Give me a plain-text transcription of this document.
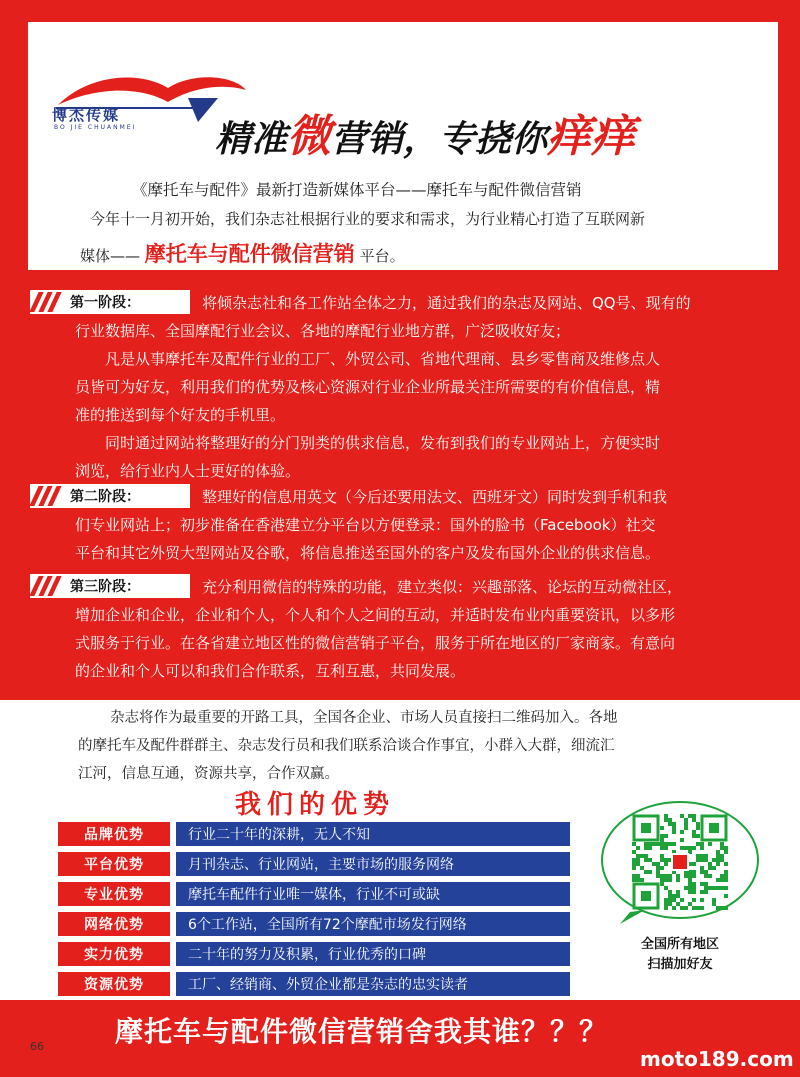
博杰传媒
BO JIE CHUANMEI 精准微营销，专挠你痒痒
《摩托车与配件》最新打造新媒体平台——摩托车与配件微信营销
今年十一月初开始，我们杂志社根据行业的要求和需求，为行业精心打造了互联网新
媒体—— 摩托车与配件微信营销 平台。
第一阶段：	将倾杂志社和各工作站全体之力，通过我们的杂志及网站、QQ号、现有的
行业数据库、全国摩配行业会议、各地的摩配行业地方群，广泛吸收好友；
凡是从事摩托车及配件行业的工厂、外贸公司、省地代理商、县乡零售商及维修点人
员皆可为好友，利用我们的优势及核心资源对行业企业所最关注所需要的有价值信息，精
准的推送到每个好友的手机里。
同时通过网站将整理好的分门别类的供求信息，发布到我们的专业网站上，方便实时
浏览，给行业内人士更好的体验。
第二阶段：	整理好的信息用英文（今后还要用法文、西班牙文）同时发到手机和我
们专业网站上；初步准备在香港建立分平台以方便登录：国外的脸书（Facebook）社交
平台和其它外贸大型网站及谷歌，将信息推送至国外的客户及发布国外企业的供求信息。
第三阶段：	充分利用微信的特殊的功能，建立类似：兴趣部落、论坛的互动微社区，
增加企业和企业，企业和个人，个人和个人之间的互动，并适时发布业内重要资讯，以多形
式服务于行业。在各省建立地区性的微信营销子平台，服务于所在地区的厂家商家。有意向
的企业和个人可以和我们合作联系，互利互惠，共同发展。
杂志将作为最重要的开路工具，全国各企业、市场人员直接扫二维码加入。各地
的摩托车及配件群群主、杂志发行员和我们联系洽谈合作事宜，小群入大群，细流汇
江河，信息互通，资源共享，合作双赢。
我们的优势
品牌优势	行业二十年的深耕，无人不知
平台优势	月刊杂志、行业网站，主要市场的服务网络
专业优势	摩托车配件行业唯一媒体，行业不可或缺
网络优势	6个工作站，全国所有72个摩配市场发行网络
实力优势	二十年的努力及积累，行业优秀的口碑
资源优势	工厂、经销商、外贸企业都是杂志的忠实读者
全国所有地区
扫描加好友
摩托车与配件微信营销舍我其谁？？？
66
moto189.com
